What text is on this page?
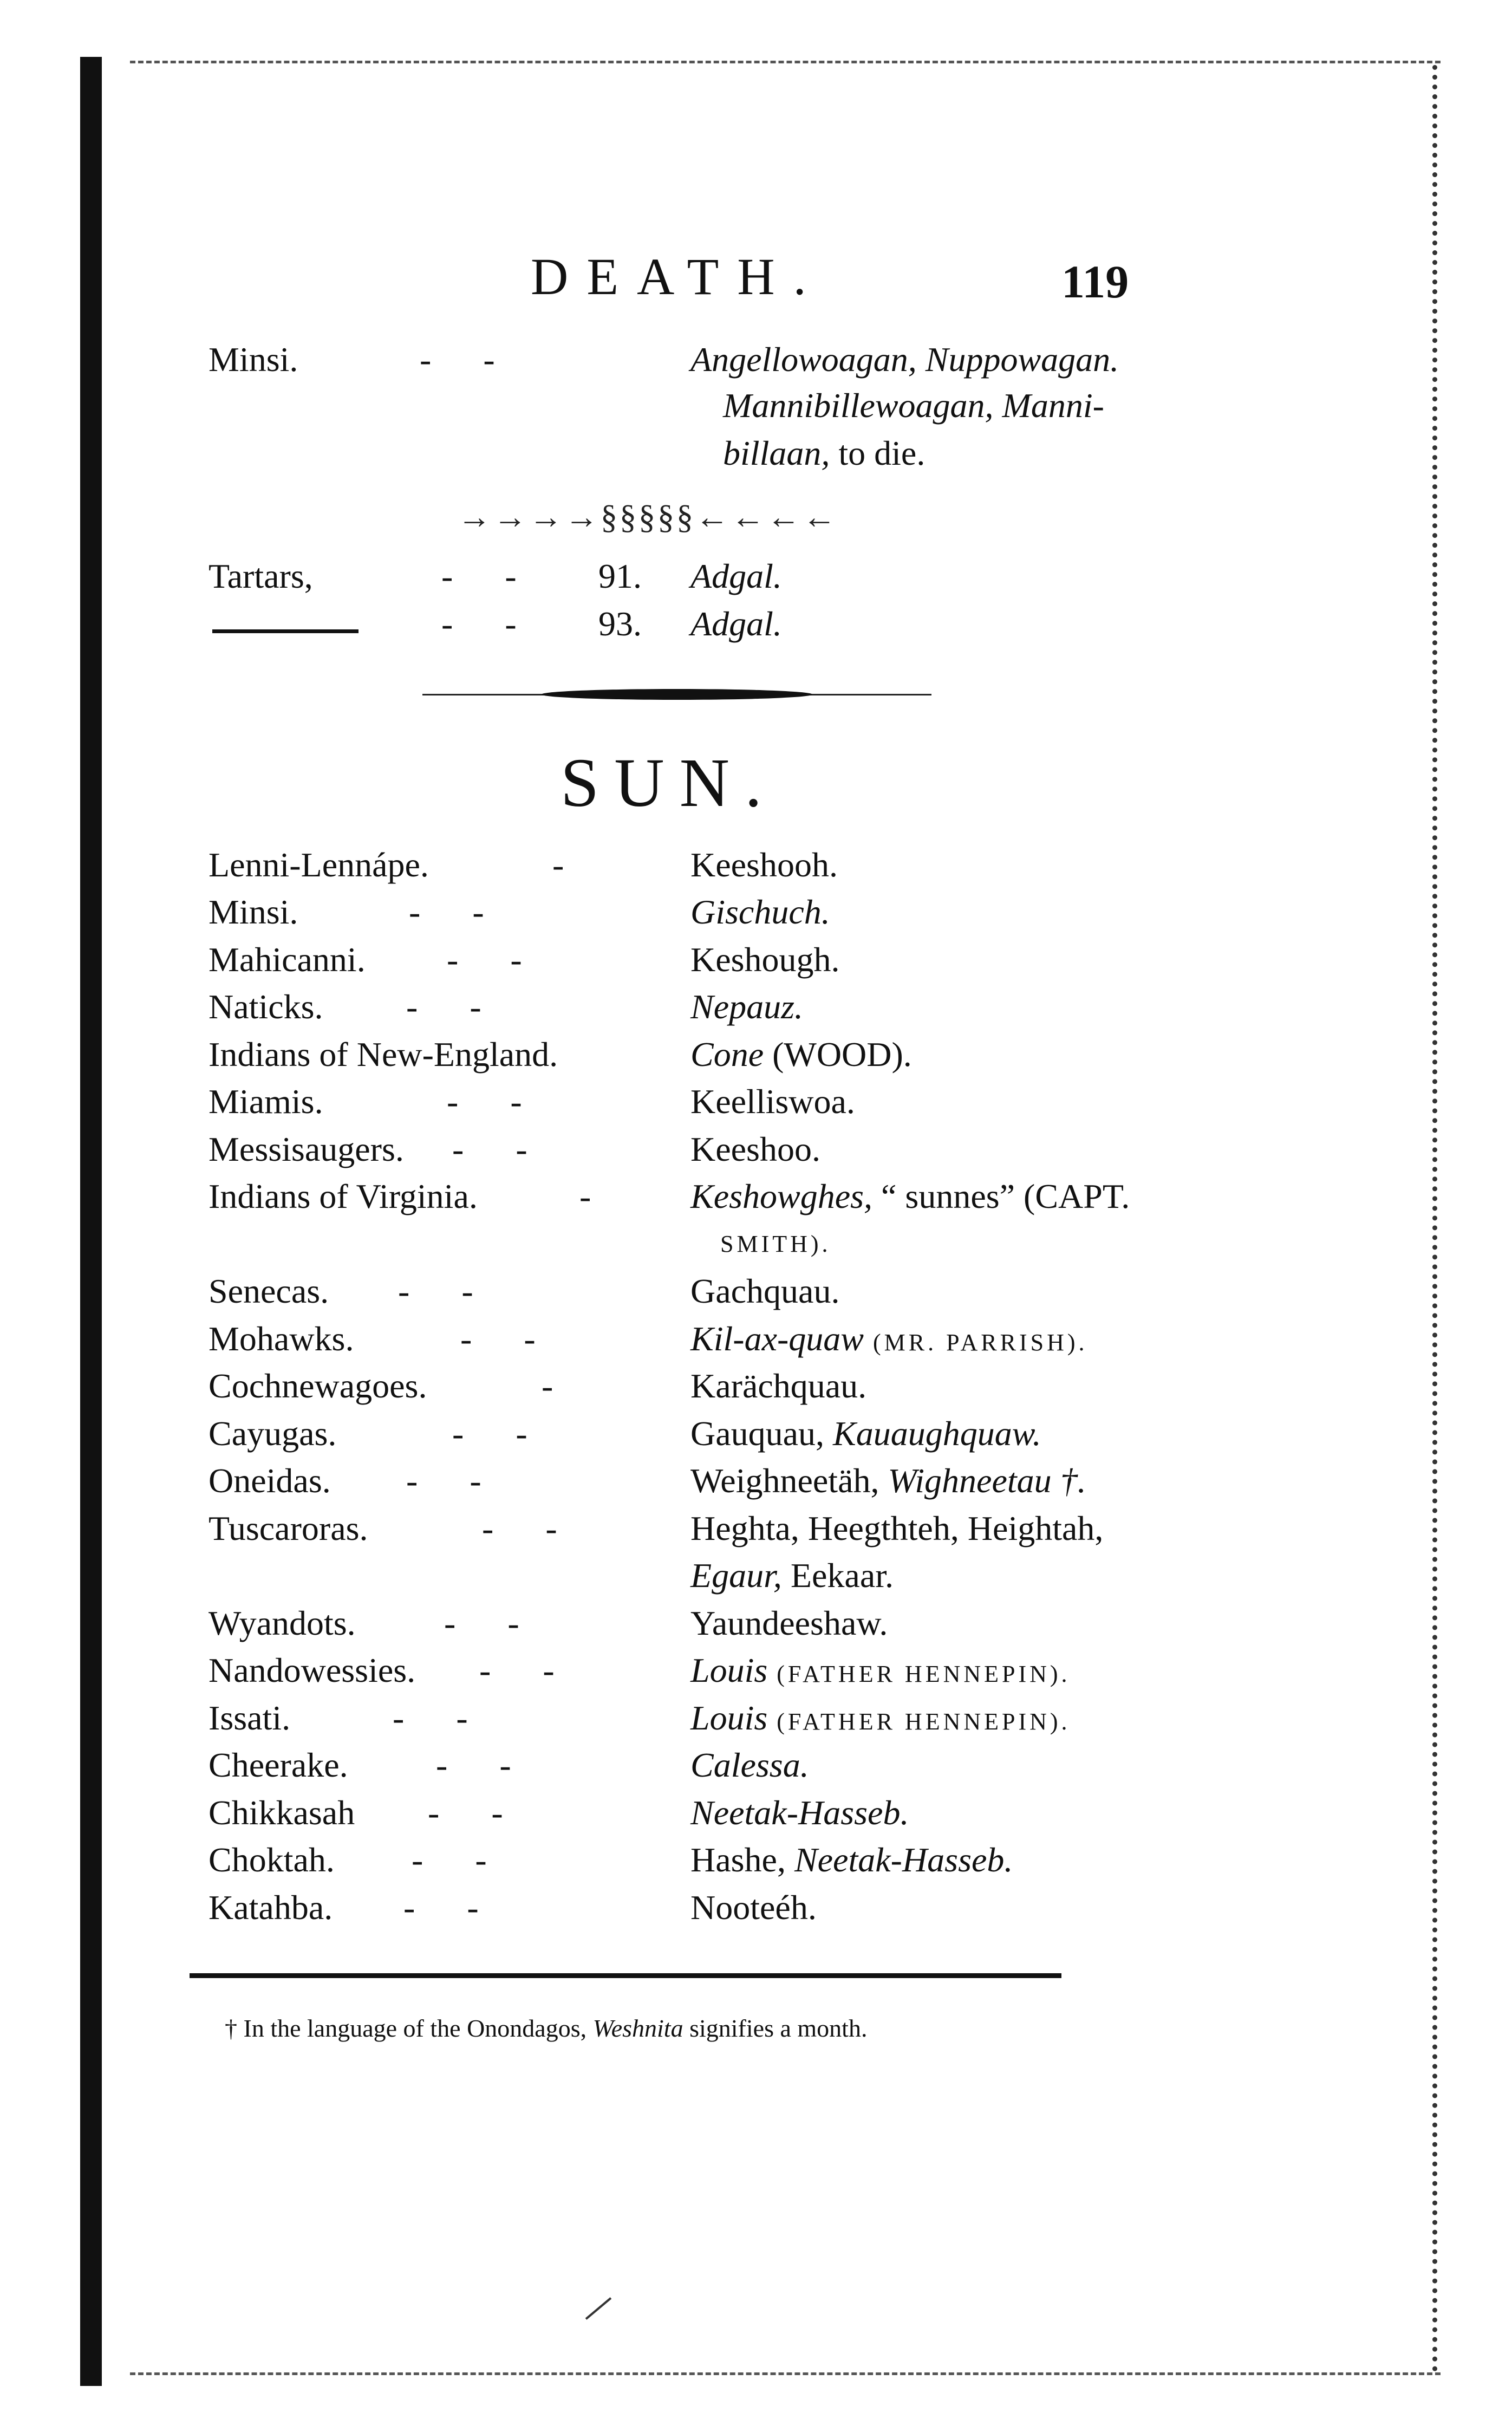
DEATH.	119
Minsi.	- -	Angellowoagan, Nuppowagan.
Mannibillewoagan, Manni-
billaan, to die.
→→→→§§§§§←←←←
Tartars,	- - 91. Adgal.
- - 93. Adgal.
SUN.
Lenni-Lennápe.	-	Keeshooh.
Minsi.	- -	Gischuch.
Mahicanni. - -	Keshough.
Naticks. - -	Nepauz.
Indians of New-England.	Cone (WOOD).
Miamis.	- -	Keelliswoa.
Messisaugers. - -	Keeshoo.
Indians of Virginia.	- Keshowghes, “ sunnes” (CAPT.
SMITH).
Senecas. - -	Gachquau.
Mohawks.	- -	Kil-ax-quaw (MR. PARRISH).
Cochnewagoes.	-	Karächquau.
Cayugas.	- -	Gauquau, Kauaughquaw.
Oneidas. - -	Weighneetäh, Wighneetau †.
Tuscaroras.	- -	Heghta, Heegthteh, Heightah,
Egaur, Eekaar.
Wyandots.	- -	Yaundeeshaw.
Nandowessies. - -	Louis (FATHER HENNEPIN).
Issati.	- -	Louis (FATHER HENNEPIN).
Cheerake.	- -	Calessa.
Chikkasah - -	Neetak-Hasseb.
Choktah. - -	Hashe, Neetak-Hasseb.
Katahba. - -	Nooteéh.
† In the language of the Onondagos, Weshnita signifies a month.
